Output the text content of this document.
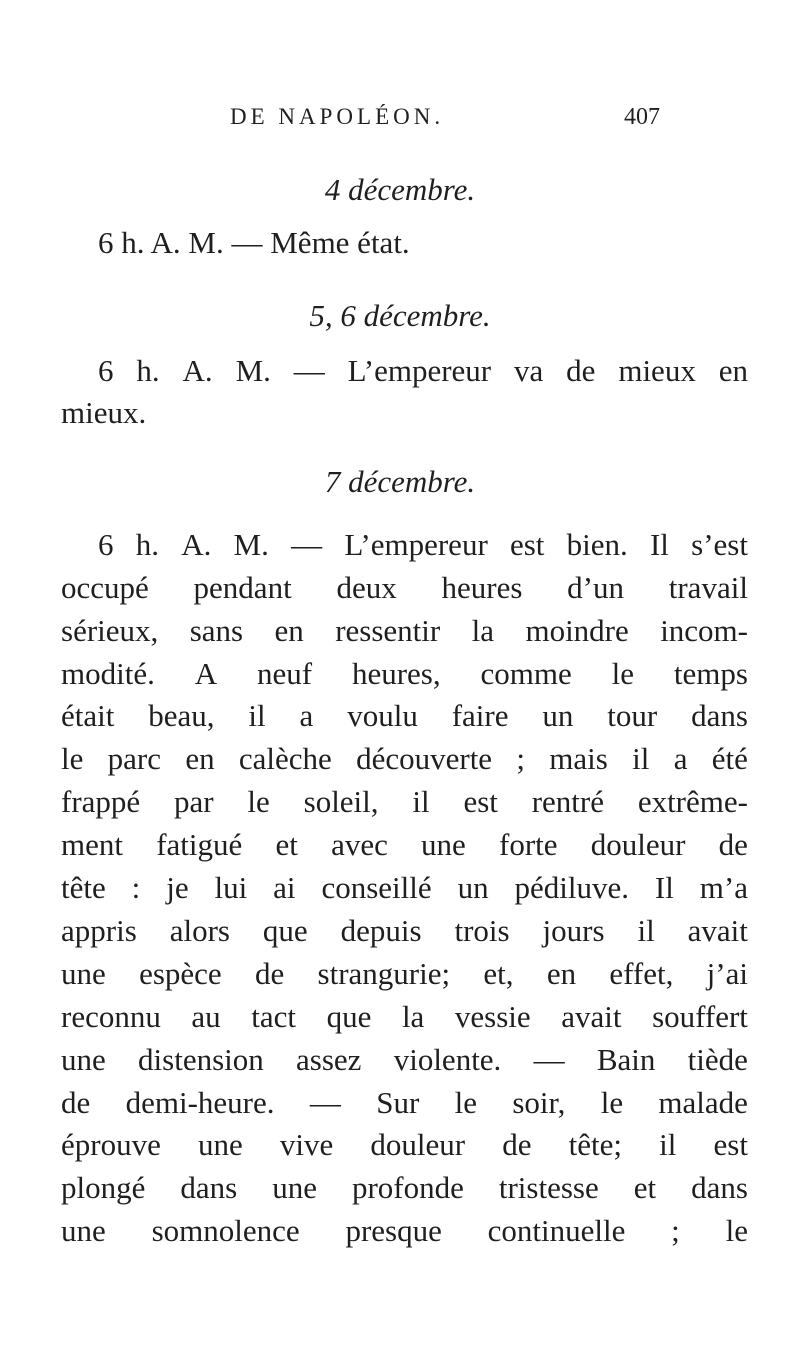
DE NAPOLÉON.	407
4 décembre.
6 h. A. M. — Même état.
5, 6 décembre.
6 h. A. M. — L’empereur va de mieux en
mieux.
7 décembre.
6 h. A. M. — L’empereur est bien. Il s’est
occupé pendant deux heures d’un travail
sérieux, sans en ressentir la moindre incom-
modité. A neuf heures, comme le temps
était beau, il a voulu faire un tour dans
le parc en calèche découverte ; mais il a été
frappé par le soleil, il est rentré extrême-
ment fatigué et avec une forte douleur de
tête : je lui ai conseillé un pédiluve. Il m’a
appris alors que depuis trois jours il avait
une espèce de strangurie; et, en effet, j’ai
reconnu au tact que la vessie avait souffert
une distension assez violente. — Bain tiède
de demi-heure. — Sur le soir, le malade
éprouve une vive douleur de tête; il est
plongé dans une profonde tristesse et dans
une somnolence presque continuelle ; le
